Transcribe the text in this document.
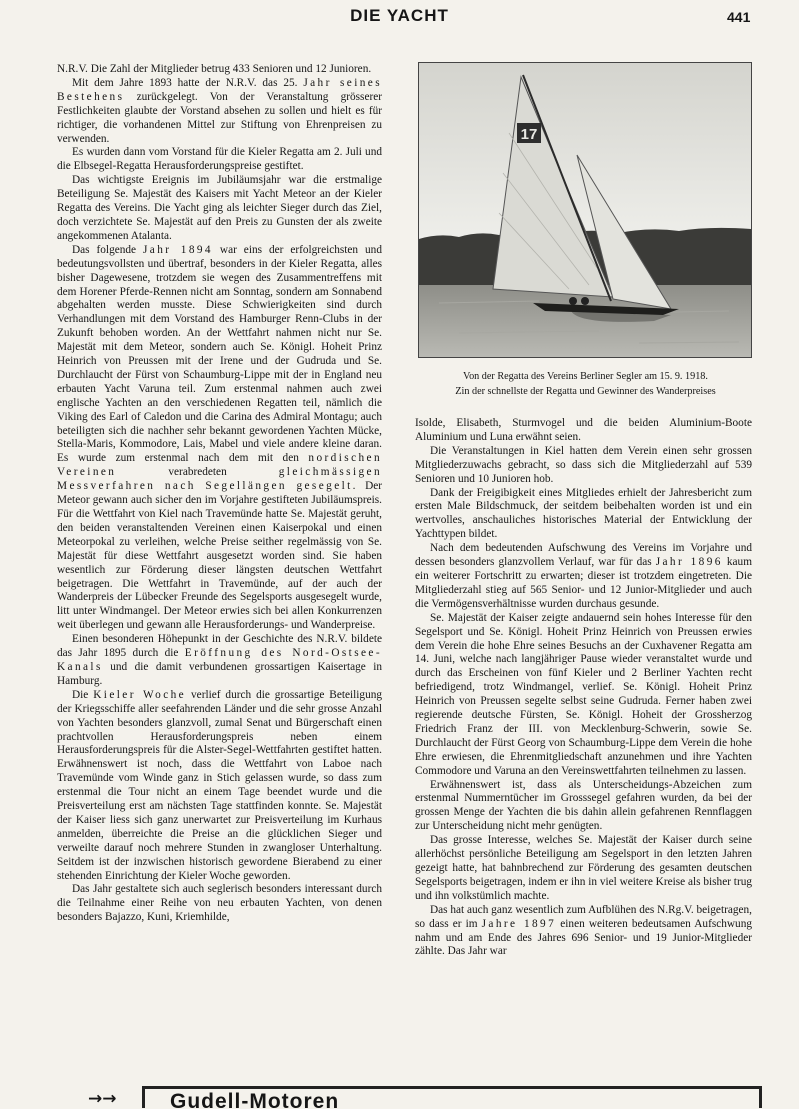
DIE YACHT	441

N.R.V. Die Zahl der Mitglieder betrug 433 Senioren und 12 Junioren.

Mit dem Jahre 1893 hatte der N.R.V. das 25. Jahr seines Bestehens zurückgelegt. Von der Veranstaltung grösserer Festlichkeiten glaubte der Vorstand absehen zu sollen und hielt es für richtiger, die vorhandenen Mittel zur Stiftung von Ehrenpreisen zu verwenden.

Es wurden dann vom Vorstand für die Kieler Regatta am 2. Juli und die Elbsegel-Regatta Herausforderungspreise gestiftet.

Das wichtigste Ereignis im Jubiläumsjahr war die erstmalige Beteiligung Se. Majestät des Kaisers mit Yacht Meteor an der Kieler Regatta des Vereins. Die Yacht ging als leichter Sieger durch das Ziel, doch verzichtete Se. Majestät auf den Preis zu Gunsten der als zweite angekommenen Atalanta.

Das folgende Jahr 1894 war eins der erfolgreichsten und bedeutungsvollsten und übertraf, besonders in der Kieler Regatta, alles bisher Dagewesene, trotzdem sie wegen des Zusammentreffens mit dem Horener Pferde-Rennen nicht am Sonntag, sondern am Sonnabend abgehalten werden musste. Diese Schwierigkeiten sind durch Verhandlungen mit dem Vorstand des Hamburger Renn-Clubs in der Zukunft behoben worden. An der Wettfahrt nahmen nicht nur Se. Majestät mit dem Meteor, sondern auch Se. Königl. Hoheit Prinz Heinrich von Preussen mit der Irene und der Gudruda und Se. Durchlaucht der Fürst von Schaumburg-Lippe mit der in England neu erbauten Yacht Varuna teil. Zum erstenmal nahmen auch zwei englische Yachten an den verschiedenen Regatten teil, nämlich die Viking des Earl of Caledon und die Carina des Admiral Montagu; auch beteiligten sich die nachher sehr bekannt gewordenen Yachten Mücke, Stella-Maris, Kommodore, Lais, Mabel und viele andere kleine daran. Es wurde zum erstenmal nach dem mit den nordischen Vereinen	verabredeten	gleichmässigen Messverfahren nach Segellängen gesegelt. Der Meteor gewann auch sicher den im Vorjahre gestifteten Jubiläumspreis. Für die Wettfahrt von Kiel nach Travemünde hatte Se. Majestät geruht, den beiden veranstaltenden Vereinen einen Kaiserpokal und einen Meteorpokal zu verleihen, welche Preise seither regelmässig von Se. Majestät für diese Wettfahrt ausgesetzt worden sind. Sie haben wesentlich zur Förderung dieser längsten deutschen Wettfahrt beigetragen. Die Wettfahrt in Travemünde, auf der auch der Wanderpreis der Lübecker Freunde des Segelsports ausgesegelt wurde, litt unter Windmangel. Der Meteor erwies sich bei allen Konkurrenzen weit überlegen und gewann alle Herausforderungs- und Wanderpreise.

Einen besonderen Höhepunkt in der Geschichte des N.R.V. bildete das Jahr 1895 durch die Eröffnung des Nord-Ostsee-Kanals und die damit verbundenen grossartigen Kaisertage in Hamburg.

Die Kieler Woche verlief durch die grossartige Beteiligung der Kriegsschiffe aller seefahrenden Länder und die sehr grosse Anzahl von Yachten besonders glanzvoll, zumal Senat und Bürgerschaft einen prachtvollen Herausforderungspreis neben einem Herausforderungspreis für die Alster-Segel-Wettfahrten gestiftet hatten. Erwähnenswert ist noch, dass die Wettfahrt von Laboe nach Travemünde vom Winde ganz in Stich gelassen wurde, so dass zum erstenmal die Tour nicht an einem Tage beendet wurde und die Preisverteilung erst am nächsten Tage stattfinden konnte. Se. Majestät der Kaiser liess sich ganz unerwartet zur Preisverteilung im Kurhaus anmelden, überreichte die Preise an die glücklichen Sieger und verweilte darauf noch mehrere Stunden in zwangloser Unterhaltung. Seitdem ist der inzwischen historisch gewordene Bierabend zu einer stehenden Einrichtung der Kieler Woche geworden.

Das Jahr gestaltete sich auch seglerisch besonders interessant durch die Teilnahme einer Reihe von neu erbauten Yachten, von denen besonders Bajazzo, Kuni, Kriemhilde,

17
Von der Regatta des Vereins Berliner Segler am 15. 9. 1918.
Zin der schnellste der Regatta und Gewinner des Wanderpreises

Isolde, Elisabeth, Sturmvogel und die beiden Aluminium-Boote Aluminium und Luna erwähnt seien.

Die Veranstaltungen in Kiel hatten dem Verein einen sehr grossen Mitgliederzuwachs gebracht, so dass sich die Mitgliederzahl auf 539 Senioren und 10 Junioren hob.

Dank der Freigibigkeit eines Mitgliedes erhielt der Jahresbericht zum ersten Male Bildschmuck, der seitdem beibehalten worden ist und ein wertvolles, anschauliches historisches Material der Entwicklung der Yachttypen bildet.

Nach dem bedeutenden Aufschwung des Vereins im Vorjahre und dessen besonders glanzvollem Verlauf, war für das Jahr 1896 kaum ein weiterer Fortschritt zu erwarten; dieser ist trotzdem eingetreten. Die Mitgliederzahl stieg auf 565 Senior- und 12 Junior-Mitglieder und auch die Vermögensverhältnisse wurden durchaus gesunde.

Se. Majestät der Kaiser zeigte andauernd sein hohes Interesse für den Segelsport und Se. Königl. Hoheit Prinz Heinrich von Preussen erwies dem Verein die hohe Ehre seines Besuchs an der Cuxhavener Regatta am 14. Juni, welche nach langjähriger Pause wieder veranstaltet wurde und durch das Erscheinen von fünf Kieler und 2 Berliner Yachten recht befriedigend, trotz Windmangel, verlief. Se. Königl. Hoheit Prinz Heinrich von Preussen segelte selbst seine Gudruda. Ferner haben zwei regierende deutsche Fürsten, Se. Königl. Hoheit der Grossherzog Friedrich Franz der III. von Mecklenburg-Schwerin, sowie Se. Durchlaucht der Fürst Georg von Schaumburg-Lippe dem Verein die hohe Ehre erwiesen, die Ehrenmitgliedschaft anzunehmen und ihre Yachten Commodore und Varuna an den Vereinswettfahrten teilnehmen zu lassen.

Erwähnenswert ist, dass als Unterscheidungs-Abzeichen zum erstenmal Nummerntücher im Grosssegel gefahren wurden, da bei der grossen Menge der Yachten die bis dahin allein gefahrenen Rennflaggen zur Unterscheidung nicht mehr genügten.

Das grosse Interesse, welches Se. Majestät der Kaiser durch seine allerhöchst persönliche Beteiligung am Segelsport in den letzten Jahren gezeigt hatte, hat bahnbrechend zur Förderung des gesamten deutschen Segelsports beigetragen, indem er ihn in viel weitere Kreise als bisher trug und ihn volkstümlich machte.

Das hat auch ganz wesentlich zum Aufblühen des N.Rg.V. beigetragen, so dass er im Jahre 1897 einen weiteren bedeutsamen Aufschwung nahm und am Ende des Jahres 696 Senior- und 19 Junior-Mitglieder zählte. Das Jahr war

→→	Gudell-Motoren
